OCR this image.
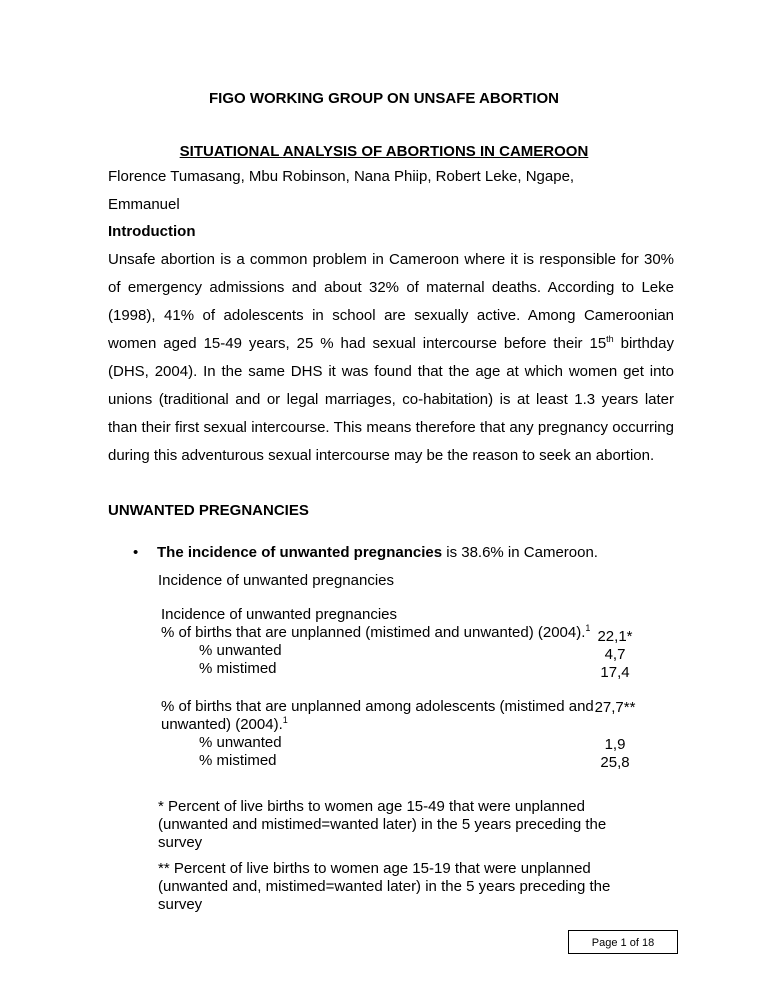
FIGO WORKING GROUP ON UNSAFE ABORTION
SITUATIONAL ANALYSIS OF ABORTIONS IN CAMEROON
Florence Tumasang, Mbu Robinson, Nana Phiip, Robert Leke, Ngape,
Emmanuel
Introduction
Unsafe abortion is a common problem in Cameroon where it is responsible for 30% of emergency admissions and about 32% of maternal deaths. According to Leke (1998), 41% of adolescents in school are sexually active. Among Cameroonian women aged 15-49 years, 25 % had sexual intercourse before their 15th birthday (DHS, 2004). In the same DHS it was found that the age at which women get into unions (traditional and or legal marriages, co-habitation) is at least 1.3 years later than their first sexual intercourse. This means therefore that any pregnancy occurring during this adventurous sexual intercourse may be the reason to seek an abortion.
UNWANTED PREGNANCIES
• The incidence of unwanted pregnancies is 38.6% in Cameroon.
Incidence of unwanted pregnancies
Incidence of unwanted pregnancies
% of births that are unplanned (mistimed and unwanted) (2004).$^1$ 22,1*
% unwanted	4,7
% mistimed	17,4
% of births that are unplanned among adolescents (mistimed and 27,7**
unwanted) (2004).$^1$
% unwanted	1,9
% mistimed	25,8
* Percent of live births to women age 15-49 that were unplanned (unwanted and mistimed=wanted later) in the 5 years preceding the survey
** Percent of live births to women age 15-19 that were unplanned (unwanted and, mistimed=wanted later) in the 5 years preceding the survey
Page 1 of 18
